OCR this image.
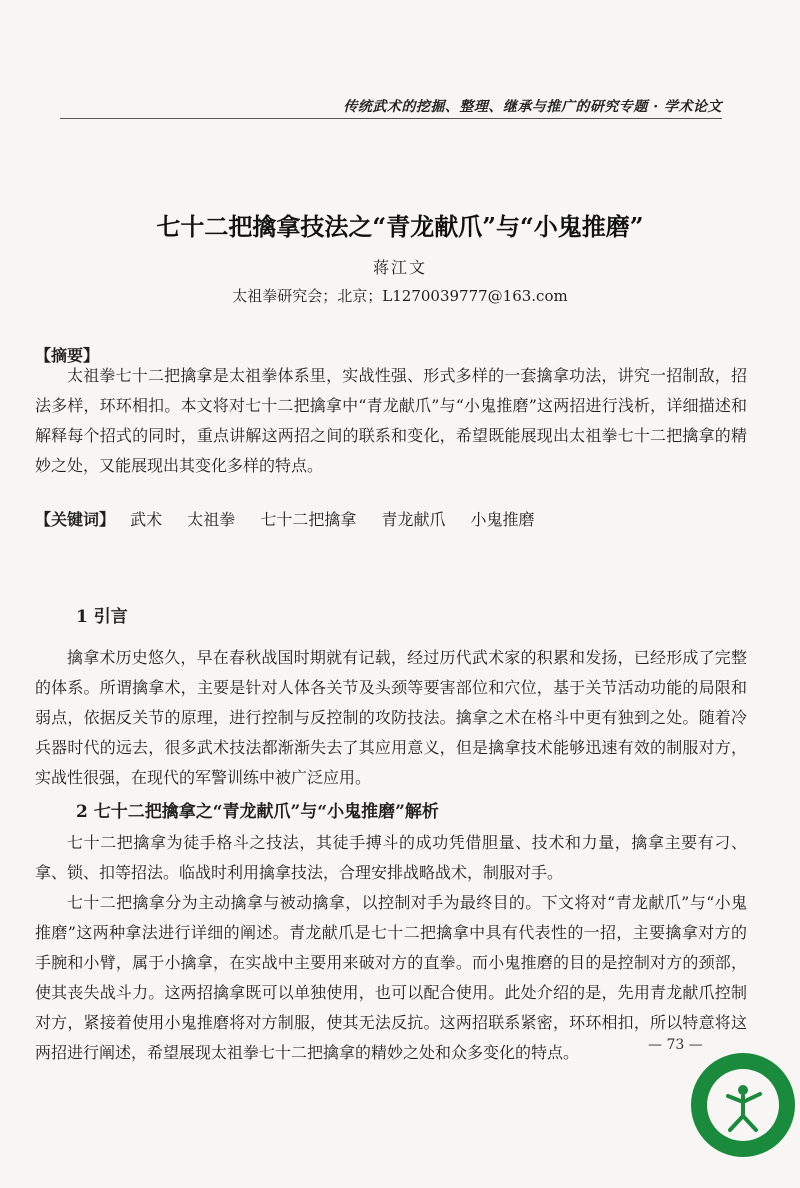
传统武术的挖掘、整理、继承与推广的研究专题 · 学术论文
七十二把擒拿技法之“青龙献爪”与“小鬼推磨”
蒋江文
太祖拳研究会；北京；L1270039777@163.com
【摘要】

太祖拳七十二把擒拿是太祖拳体系里，实战性强、形式多样的一套擒拿功法，讲究一招制敌，招法多样，环环相扣。本文将对七十二把擒拿中“青龙献爪”与“小鬼推磨”这两招进行浅析，详细描述和解释每个招式的同时，重点讲解这两招之间的联系和变化，希望既能展现出太祖拳七十二把擒拿的精妙之处，又能展现出其变化多样的特点。

【关键词】 武术 太祖拳 七十二把擒拿 青龙献爪 小鬼推磨
1 引言

擒拿术历史悠久，早在春秋战国时期就有记载，经过历代武术家的积累和发扬，已经形成了完整的体系。所谓擒拿术，主要是针对人体各关节及头颈等要害部位和穴位，基于关节活动功能的局限和弱点，依据反关节的原理，进行控制与反控制的攻防技法。擒拿之术在格斗中更有独到之处。随着冷兵器时代的远去，很多武术技法都渐渐失去了其应用意义，但是擒拿技术能够迅速有效的制服对方，实战性很强，在现代的军警训练中被广泛应用。

2 七十二把擒拿之“青龙献爪”与“小鬼推磨”解析

七十二把擒拿为徒手格斗之技法，其徒手搏斗的成功凭借胆量、技术和力量，擒拿主要有刁、拿、锁、扣等招法。临战时利用擒拿技法，合理安排战略战术，制服对手。

七十二把擒拿分为主动擒拿与被动擒拿，以控制对手为最终目的。下文将对“青龙献爪”与“小鬼推磨”这两种拿法进行详细的阐述。青龙献爪是七十二把擒拿中具有代表性的一招，主要擒拿对方的手腕和小臂，属于小擒拿，在实战中主要用来破对方的直拳。而小鬼推磨的目的是控制对方的颈部，使其丧失战斗力。这两招擒拿既可以单独使用，也可以配合使用。此处介绍的是，先用青龙献爪控制对方，紧接着使用小鬼推磨将对方制服，使其无法反抗。这两招联系紧密，环环相扣，所以特意将这两招进行阐述，希望展现太祖拳七十二把擒拿的精妙之处和众多变化的特点。	— 73 —
